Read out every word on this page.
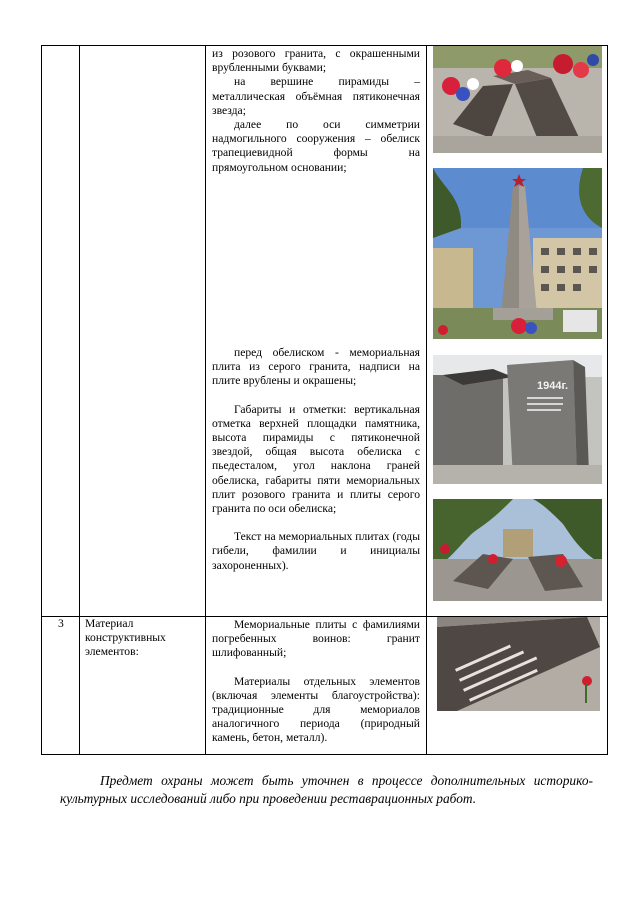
из розового гранита, с окрашенными врубленными буквами;

на вершине пирамиды – металлическая объёмная пятиконечная звезда;

далее по оси симметрии надмогильного сооружения – обелиск трапециевидной формы на прямоугольном основании;

перед обелиском - мемориальная плита из серого гранита, надписи на плите врублены и окрашены;

Габариты и отметки: вертикальная отметка верхней площадки памятника, высота пирамиды с пятиконечной звездой, общая высота обелиска с пьедесталом, угол наклона граней обелиска, габариты пяти мемориальных плит розового гранита и плиты серого гранита по оси обелиска;

Текст на мемориальных плитах (годы гибели, фамилии и инициалы захороненных).

1944г.
3 Материал конструктивных элементов:

Мемориальные плиты с фамилиями погребенных воинов: гранит шлифованный;

Материалы отдельных элементов (включая элементы благоустройства): традиционные для мемориалов аналогичного периода (природный камень, бетон, металл).

Предмет охраны может быть уточнен в процессе дополнительных историко-культурных исследований либо при проведении реставрационных работ.
